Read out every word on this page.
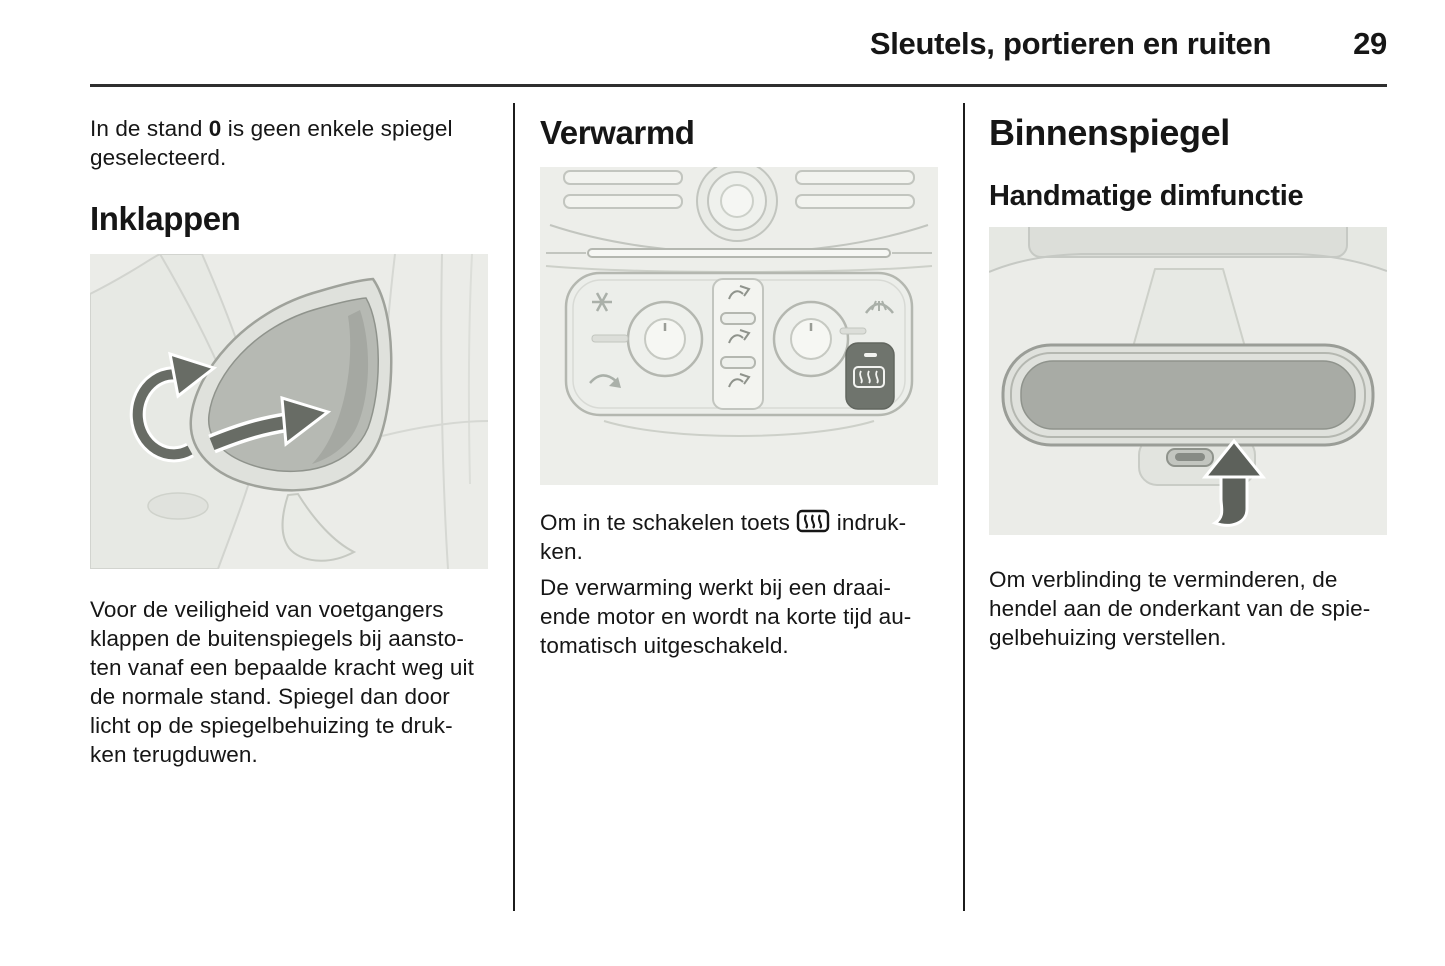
Sleutels, portieren en ruiten	29
In de stand 0 is geen enkele spiegel
geselecteerd.
Inklappen
Voor de veiligheid van voetgangers
klappen de buitenspiegels bij aansto-
ten vanaf een bepaalde kracht weg uit
de normale stand. Spiegel dan door
licht op de spiegelbehuizing te druk-
ken terugduwen.
Verwarmd
Om in te schakelen toets  indruk-
ken.
De verwarming werkt bij een draai-
ende motor en wordt na korte tijd au-
tomatisch uitgeschakeld.
Binnenspiegel
Handmatige dimfunctie
Om verblinding te verminderen, de
hendel aan de onderkant van de spie-
gelbehuizing verstellen.
